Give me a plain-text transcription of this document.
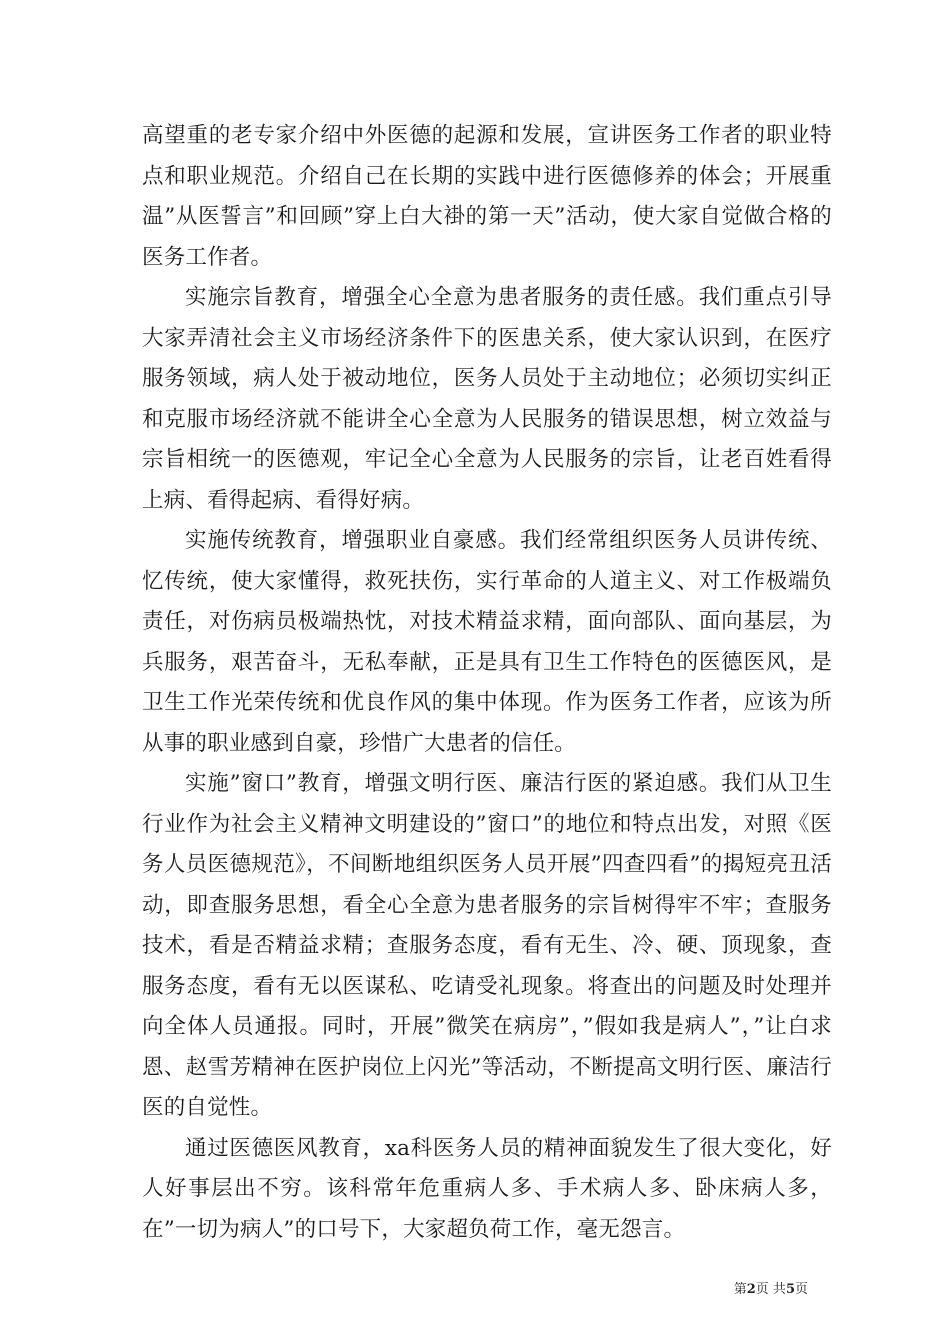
高望重的老专家介绍中外医德的起源和发展，宣讲医务工作者的职业特点和职业规范。介绍自己在长期的实践中进行医德修养的体会；开展重温”从医誓言”和回顾”穿上白大褂的第一天”活动，使大家自觉做合格的医务工作者。

实施宗旨教育，增强全心全意为患者服务的责任感。我们重点引导大家弄清社会主义市场经济条件下的医患关系，使大家认识到，在医疗服务领域，病人处于被动地位，医务人员处于主动地位；必须切实纠正和克服市场经济就不能讲全心全意为人民服务的错误思想，树立效益与宗旨相统一的医德观，牢记全心全意为人民服务的宗旨，让老百姓看得上病、看得起病、看得好病。

实施传统教育，增强职业自豪感。我们经常组织医务人员讲传统、忆传统，使大家懂得，救死扶伤，实行革命的人道主义、对工作极端负责任，对伤病员极端热忱，对技术精益求精，面向部队、面向基层，为兵服务，艰苦奋斗，无私奉献，正是具有卫生工作特色的医德医风，是卫生工作光荣传统和优良作风的集中体现。作为医务工作者，应该为所从事的职业感到自豪，珍惜广大患者的信任。

实施”窗口”教育，增强文明行医、廉洁行医的紧迫感。我们从卫生行业作为社会主义精神文明建设的”窗口”的地位和特点出发，对照《医务人员医德规范》，不间断地组织医务人员开展”四查四看”的揭短亮丑活动，即查服务思想，看全心全意为患者服务的宗旨树得牢不牢；查服务技术，看是否精益求精；查服务态度，看有无生、冷、硬、顶现象，查服务态度，看有无以医谋私、吃请受礼现象。将查出的问题及时处理并向全体人员通报。同时，开展”微笑在病房”，”假如我是病人”，”让白求恩、赵雪芳精神在医护岗位上闪光”等活动，不断提高文明行医、廉洁行医的自觉性。

通过医德医风教育，xa科医务人员的精神面貌发生了很大变化，好人好事层出不穷。该科常年危重病人多、手术病人多、卧床病人多，在”一切为病人”的口号下，大家超负荷工作，毫无怨言。

第2页 共5页
